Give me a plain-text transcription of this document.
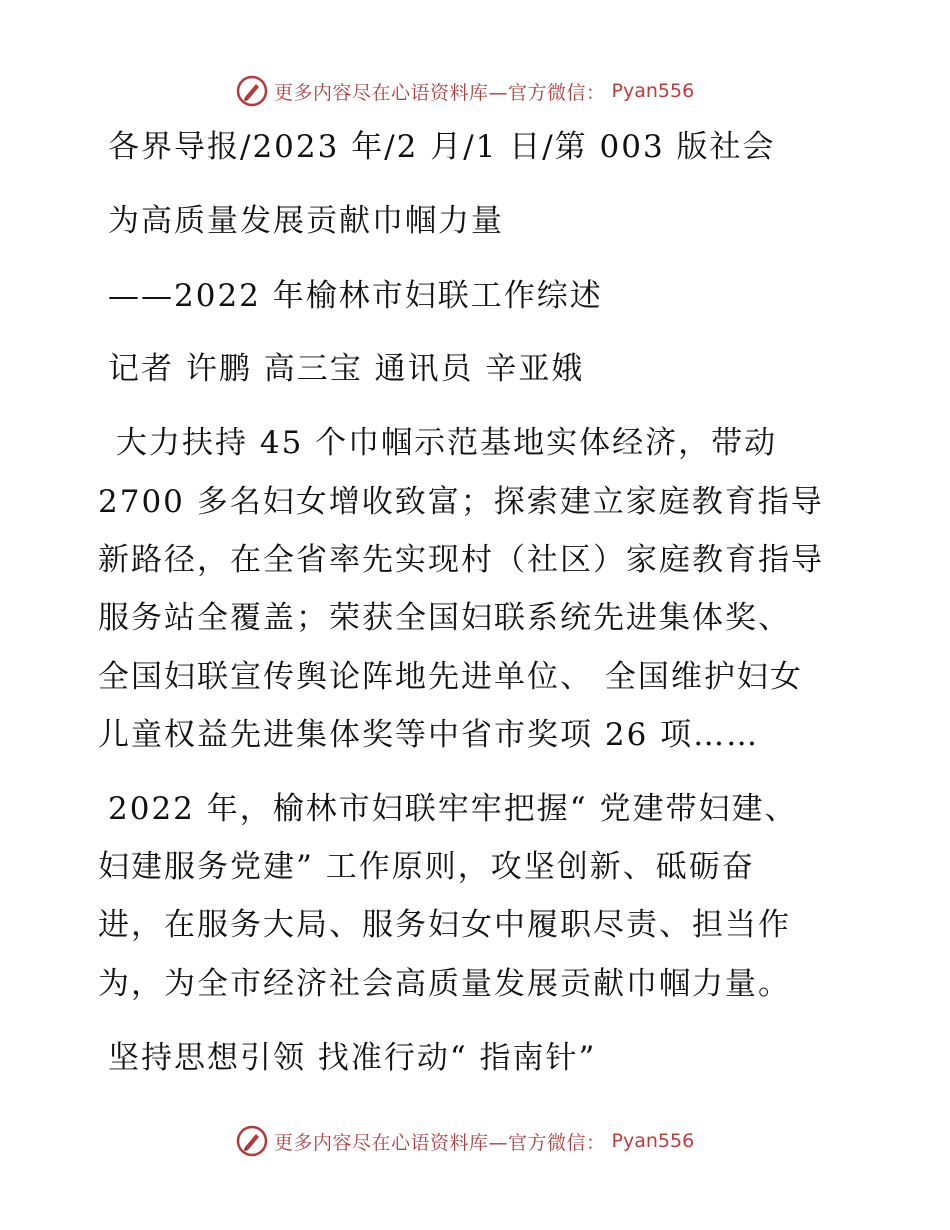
更多内容尽在心语资料库—官方微信： Pyan556
各界导报/2023 年/2 月/1 日/第 003 版社会
为高质量发展贡献巾帼力量
——2022 年榆林市妇联工作综述
记者 许鹏 高三宝 通讯员 辛亚娥
大力扶持 45 个巾帼示范基地实体经济，带动
2700 多名妇女增收致富；探索建立家庭教育指导
新路径，在全省率先实现村（社区）家庭教育指导
服务站全覆盖；荣获全国妇联系统先进集体奖、
全国妇联宣传舆论阵地先进单位、 全国维护妇女
儿童权益先进集体奖等中省市奖项 26 项……
2022 年，榆林市妇联牢牢把握“ 党建带妇建、
妇建服务党建” 工作原则，攻坚创新、砥砺奋
进，在服务大局、服务妇女中履职尽责、担当作
为，为全市经济社会高质量发展贡献巾帼力量。
坚持思想引领 找准行动“ 指南针”
更多内容尽在心语资料库—官方微信： Pyan556
